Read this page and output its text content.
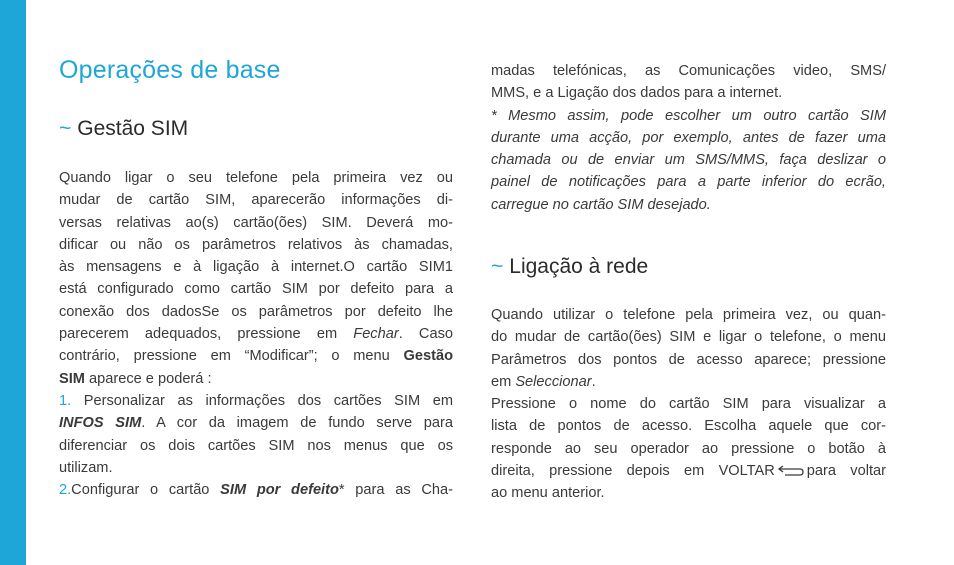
Operações de base
~ Gestão SIM
Quando ligar o seu telefone pela primeira vez ou
mudar de cartão SIM, aparecerão informações di-
versas relativas ao(s) cartão(ões) SIM. Deverá mo-
dificar ou não os parâmetros relativos às chamadas,
às mensagens e à ligação à internet.O cartão SIM1
está configurado como cartão SIM por defeito para a
conexão dos dadosSe os parâmetros por defeito lhe
parecerem adequados, pressione em Fechar. Caso
contrário, pressione em “Modificar”; o menu Gestão
SIM aparece e poderá :
1. Personalizar as informações dos cartões SIM em
INFOS SIM. A cor da imagem de fundo serve para
diferenciar os dois cartões SIM nos menus que os
utilizam.
2.Configurar o cartão SIM por defeito* para as Cha-
madas telefónicas, as Comunicações video, SMS/
MMS, e a Ligação dos dados para a internet.
* Mesmo assim, pode escolher um outro cartão SIM
durante uma acção, por exemplo, antes de fazer uma
chamada ou de enviar um SMS/MMS, faça deslizar o
painel de notificações para a parte inferior do ecrão,
carregue no cartão SIM desejado.
~ Ligação à rede
Quando utilizar o telefone pela primeira vez, ou quan-
do mudar de cartão(ões) SIM e ligar o telefone, o menu
Parâmetros dos pontos de acesso aparece; pressione
em Seleccionar.
Pressione o nome do cartão SIM para visualizar a
lista de pontos de acesso. Escolha aquele que cor-
responde ao seu operador ao pressione o botão à
direita, pressione depois em VOLTAR para voltar
ao menu anterior.
